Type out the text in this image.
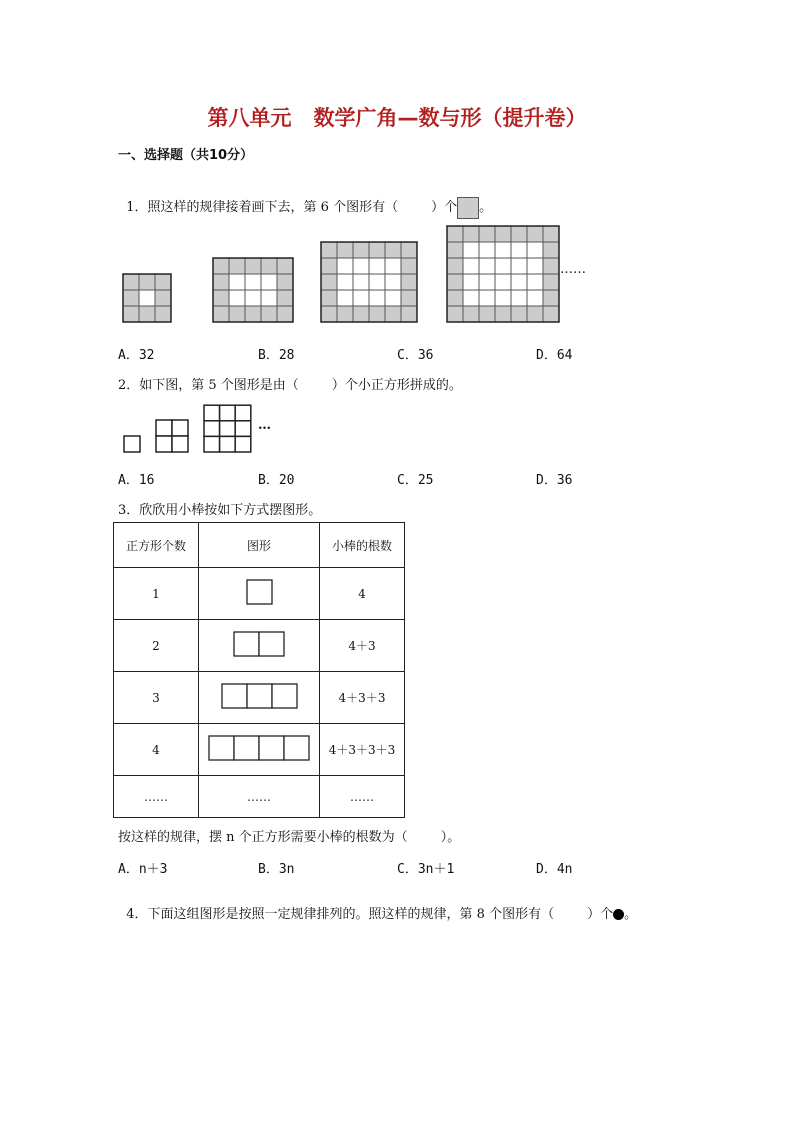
第八单元   数学广角—数与形（提升卷）
一、选择题（共10分）

1．照这样的规律接着画下去，第 6 个图形有（        ）个 。

……
A．32	B．28	C．36	D．64
2．如下图，第 5 个图形是由（        ）个小正方形拼成的。
…
A．16	B．20	C．25	D．36
3．欣欣用小棒按如下方式摆图形。
正方形个数	图形	小棒的根数
1		4
2		4＋3
3		4＋3＋3
4		4＋3＋3＋3
……	……	……
按这样的规律，摆 n 个正方形需要小棒的根数为（        ）。
A．n＋3	B．3n	C．3n＋1	D．4n

4．下面这组图形是按照一定规律排列的。照这样的规律，第 8 个图形有（        ）个 。
